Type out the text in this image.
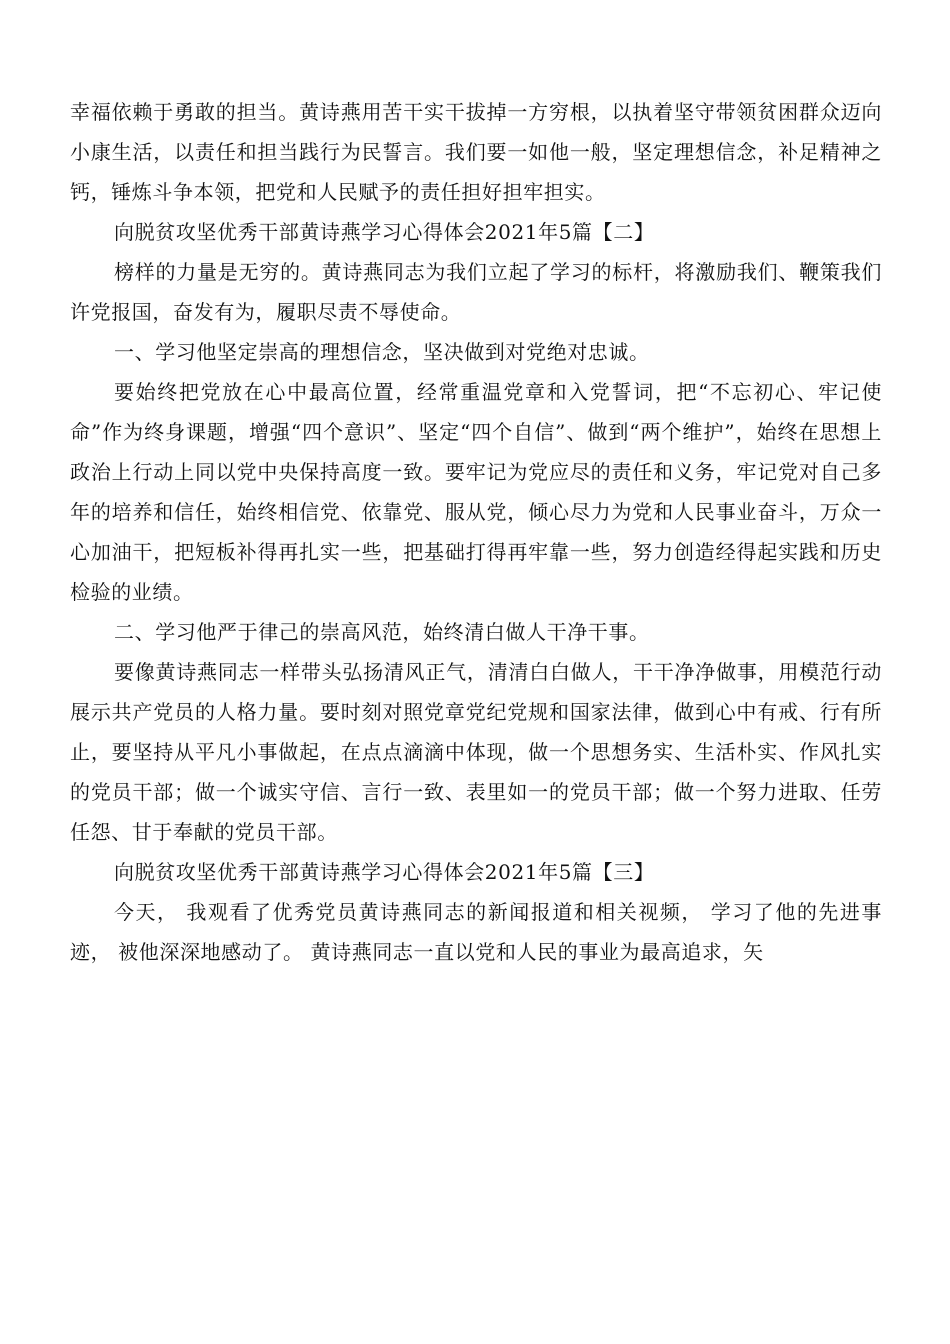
幸福依赖于勇敢的担当。黄诗燕用苦干实干拔掉一方穷根，以执着坚守带领贫困群众迈向小康生活，以责任和担当践行为民誓言。我们要一如他一般，坚定理想信念，补足精神之钙，锤炼斗争本领，把党和人民赋予的责任担好担牢担实。

向脱贫攻坚优秀干部黄诗燕学习心得体会2021年5篇【二】

榜样的力量是无穷的。黄诗燕同志为我们立起了学习的标杆，将激励我们、鞭策我们许党报国，奋发有为，履职尽责不辱使命。

一、学习他坚定崇高的理想信念，坚决做到对党绝对忠诚。

要始终把党放在心中最高位置，经常重温党章和入党誓词，把“不忘初心、牢记使命”作为终身课题，增强“四个意识”、坚定“四个自信”、做到“两个维护”，始终在思想上政治上行动上同以党中央保持高度一致。要牢记为党应尽的责任和义务，牢记党对自己多年的培养和信任，始终相信党、依靠党、服从党，倾心尽力为党和人民事业奋斗，万众一心加油干，把短板补得再扎实一些，把基础打得再牢靠一些，努力创造经得起实践和历史检验的业绩。

二、学习他严于律己的崇高风范，始终清白做人干净干事。

要像黄诗燕同志一样带头弘扬清风正气，清清白白做人，干干净净做事，用模范行动展示共产党员的人格力量。要时刻对照党章党纪党规和国家法律，做到心中有戒、行有所止，要坚持从平凡小事做起，在点点滴滴中体现，做一个思想务实、生活朴实、作风扎实的党员干部；做一个诚实守信、言行一致、表里如一的党员干部；做一个努力进取、任劳任怨、甘于奉献的党员干部。

向脱贫攻坚优秀干部黄诗燕学习心得体会2021年5篇【三】

今天， 我观看了优秀党员黄诗燕同志的新闻报道和相关视频， 学习了他的先进事迹， 被他深深地感动了。 黄诗燕同志一直以党和人民的事业为最高追求，矢
